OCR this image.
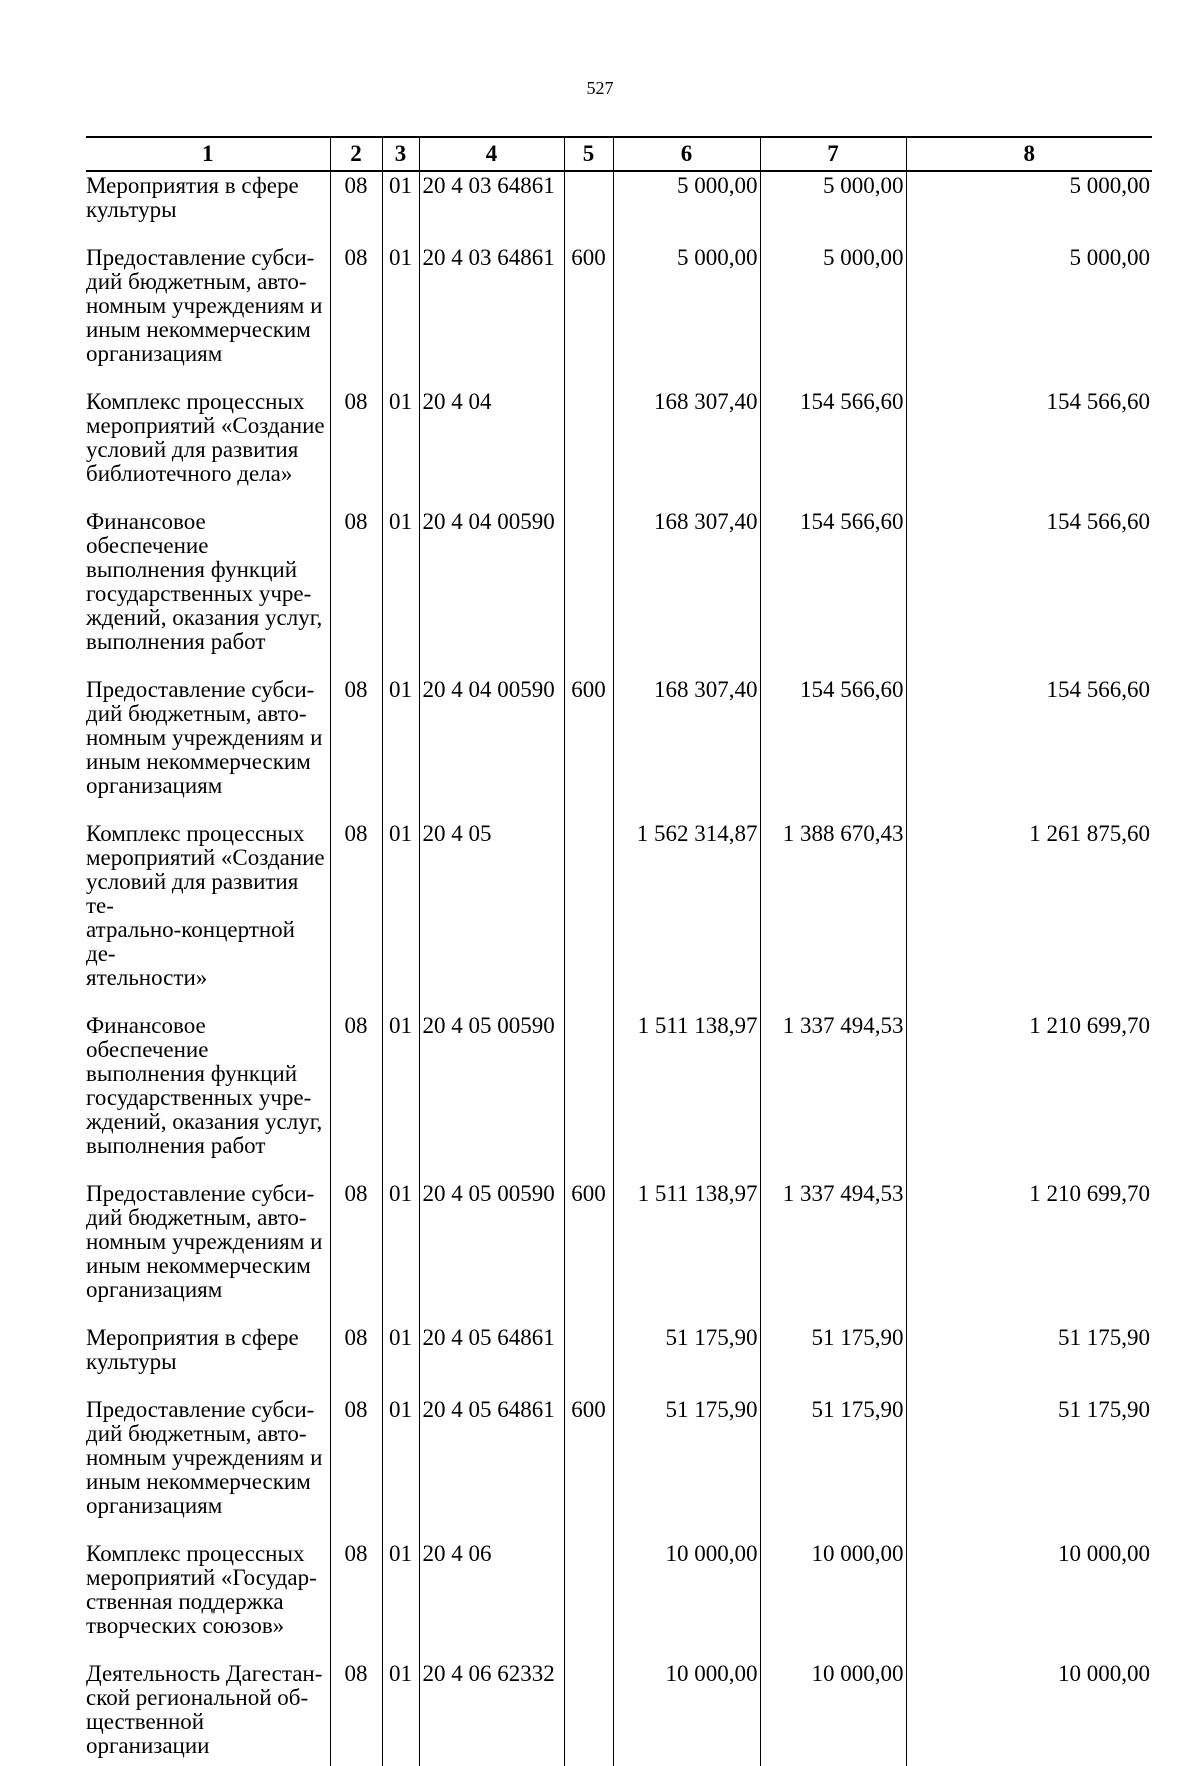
527
1	2	3	4	5	6	7	8

Мероприятия в сфере
культуры	08	01	20 4 03 64861		5 000,00	5 000,00	5 000,00

Предоставление субси-
дий бюджетным, авто-
номным учреждениям и
иным некоммерческим
организациям	08	01	20 4 03 64861	600	5 000,00	5 000,00	5 000,00

Комплекс процессных
мероприятий «Создание
условий для развития
библиотечного дела»	08	01	20 4 04		168 307,40	154 566,60	154 566,60

Финансовое обеспечение
выполнения функций
государственных учре-
ждений, оказания услуг,
выполнения работ	08	01	20 4 04 00590		168 307,40	154 566,60	154 566,60

Предоставление субси-
дий бюджетным, авто-
номным учреждениям и
иным некоммерческим
организациям	08	01	20 4 04 00590	600	168 307,40	154 566,60	154 566,60

Комплекс процессных
мероприятий «Создание
условий для развития те-
атрально-концертной де-
ятельности»	08	01	20 4 05		1 562 314,87	1 388 670,43	1 261 875,60

Финансовое обеспечение
выполнения функций
государственных учре-
ждений, оказания услуг,
выполнения работ	08	01	20 4 05 00590		1 511 138,97	1 337 494,53	1 210 699,70

Предоставление субси-
дий бюджетным, авто-
номным учреждениям и
иным некоммерческим
организациям	08	01	20 4 05 00590	600	1 511 138,97	1 337 494,53	1 210 699,70

Мероприятия в сфере
культуры	08	01	20 4 05 64861		51 175,90	51 175,90	51 175,90

Предоставление субси-
дий бюджетным, авто-
номным учреждениям и
иным некоммерческим
организациям	08	01	20 4 05 64861	600	51 175,90	51 175,90	51 175,90

Комплекс процессных
мероприятий «Государ-
ственная поддержка
творческих союзов»	08	01	20 4 06		10 000,00	10 000,00	10 000,00

Деятельность Дагестан-
ской региональной об-
щественной организации	08	01	20 4 06 62332		10 000,00	10 000,00	10 000,00
